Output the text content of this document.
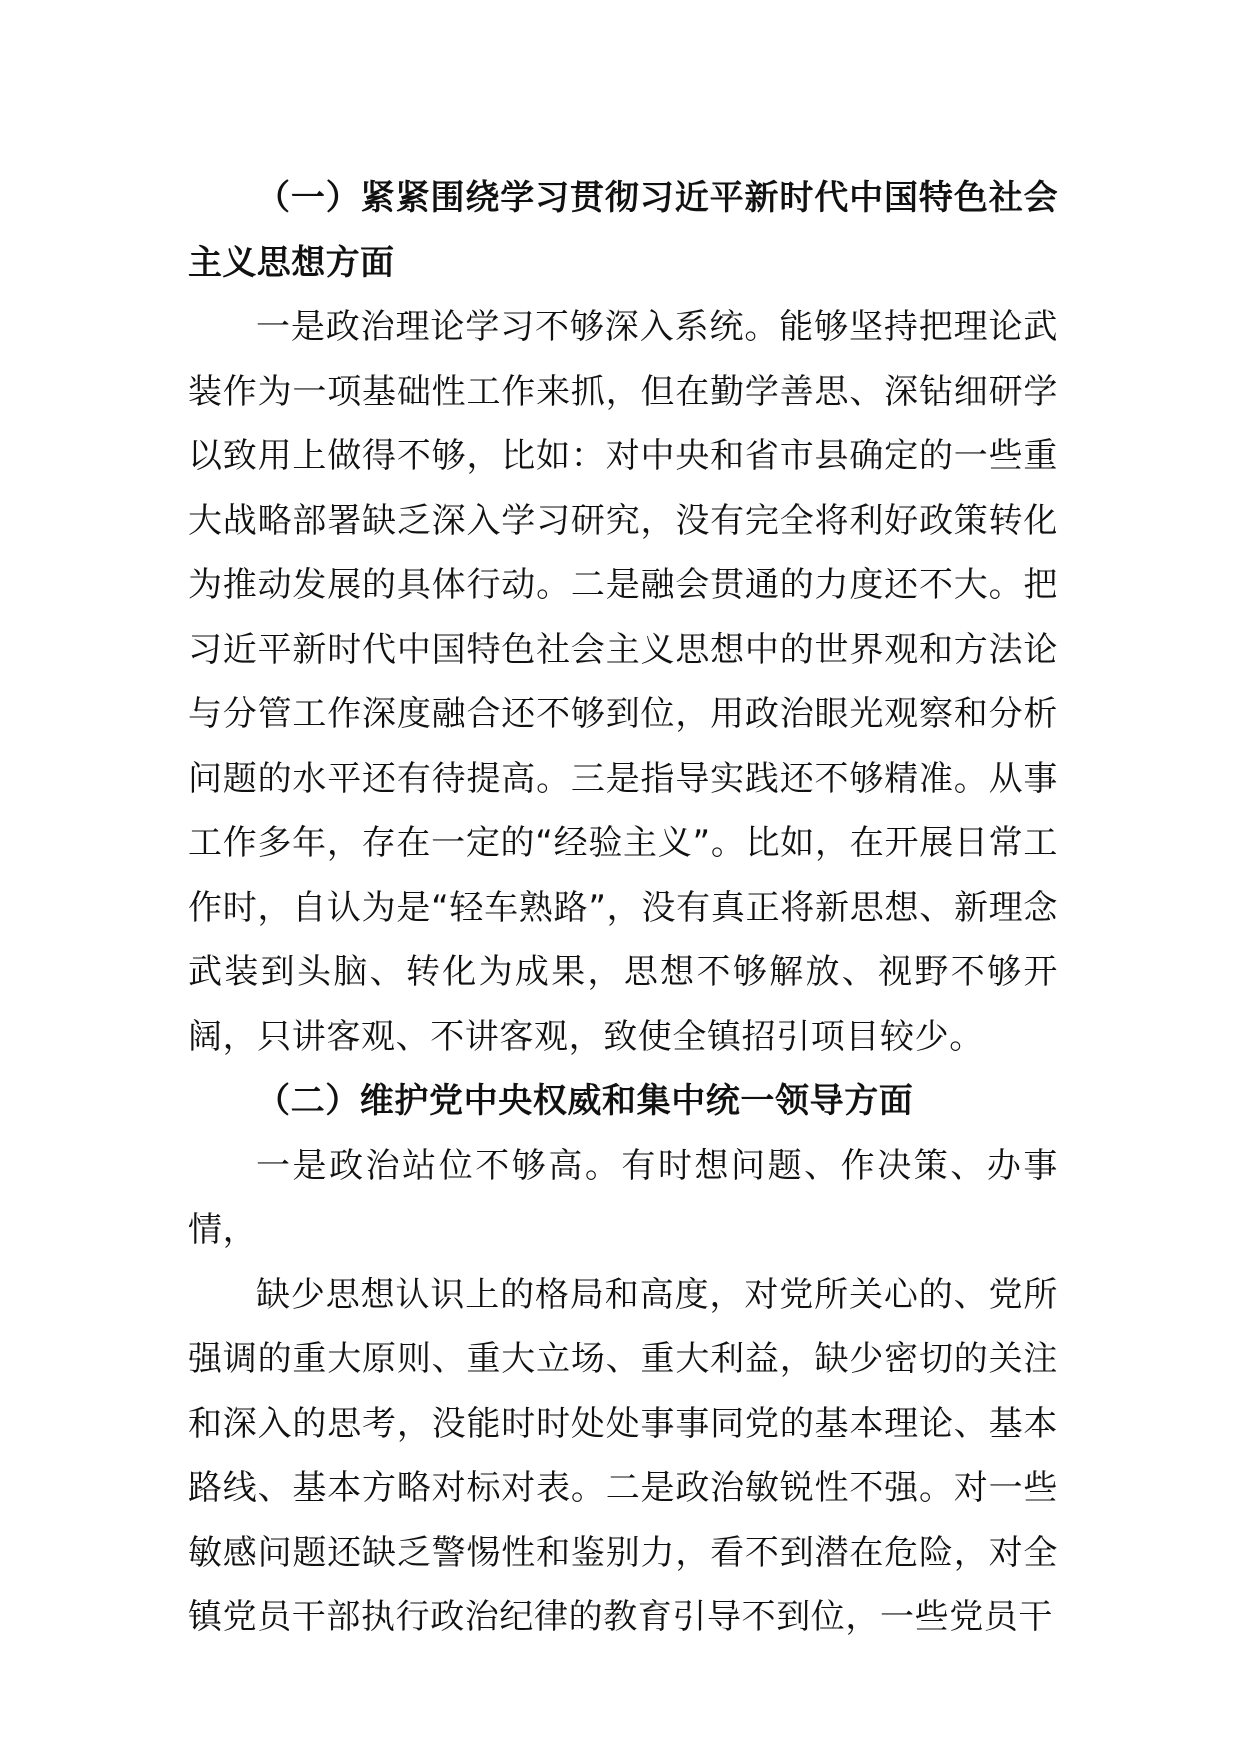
（一）紧紧围绕学习贯彻习近平新时代中国特色社会主义思想方面

一是政治理论学习不够深入系统。能够坚持把理论武装作为一项基础性工作来抓，但在勤学善思、深钻细研学以致用上做得不够，比如：对中央和省市县确定的一些重大战略部署缺乏深入学习研究，没有完全将利好政策转化为推动发展的具体行动。二是融会贯通的力度还不大。把习近平新时代中国特色社会主义思想中的世界观和方法论与分管工作深度融合还不够到位，用政治眼光观察和分析问题的水平还有待提高。三是指导实践还不够精准。从事工作多年，存在一定的“经验主义”。比如，在开展日常工作时，自认为是“轻车熟路”，没有真正将新思想、新理念武装到头脑、转化为成果，思想不够解放、视野不够开阔，只讲客观、不讲客观，致使全镇招引项目较少。

（二）维护党中央权威和集中统一领导方面

一是政治站位不够高。有时想问题、作决策、办事情，

缺少思想认识上的格局和高度，对党所关心的、党所强调的重大原则、重大立场、重大利益，缺少密切的关注和深入的思考，没能时时处处事事同党的基本理论、基本路线、基本方略对标对表。二是政治敏锐性不强。对一些敏感问题还缺乏警惕性和鉴别力，看不到潜在危险，对全镇党员干部执行政治纪律的教育引导不到位，一些党员干
